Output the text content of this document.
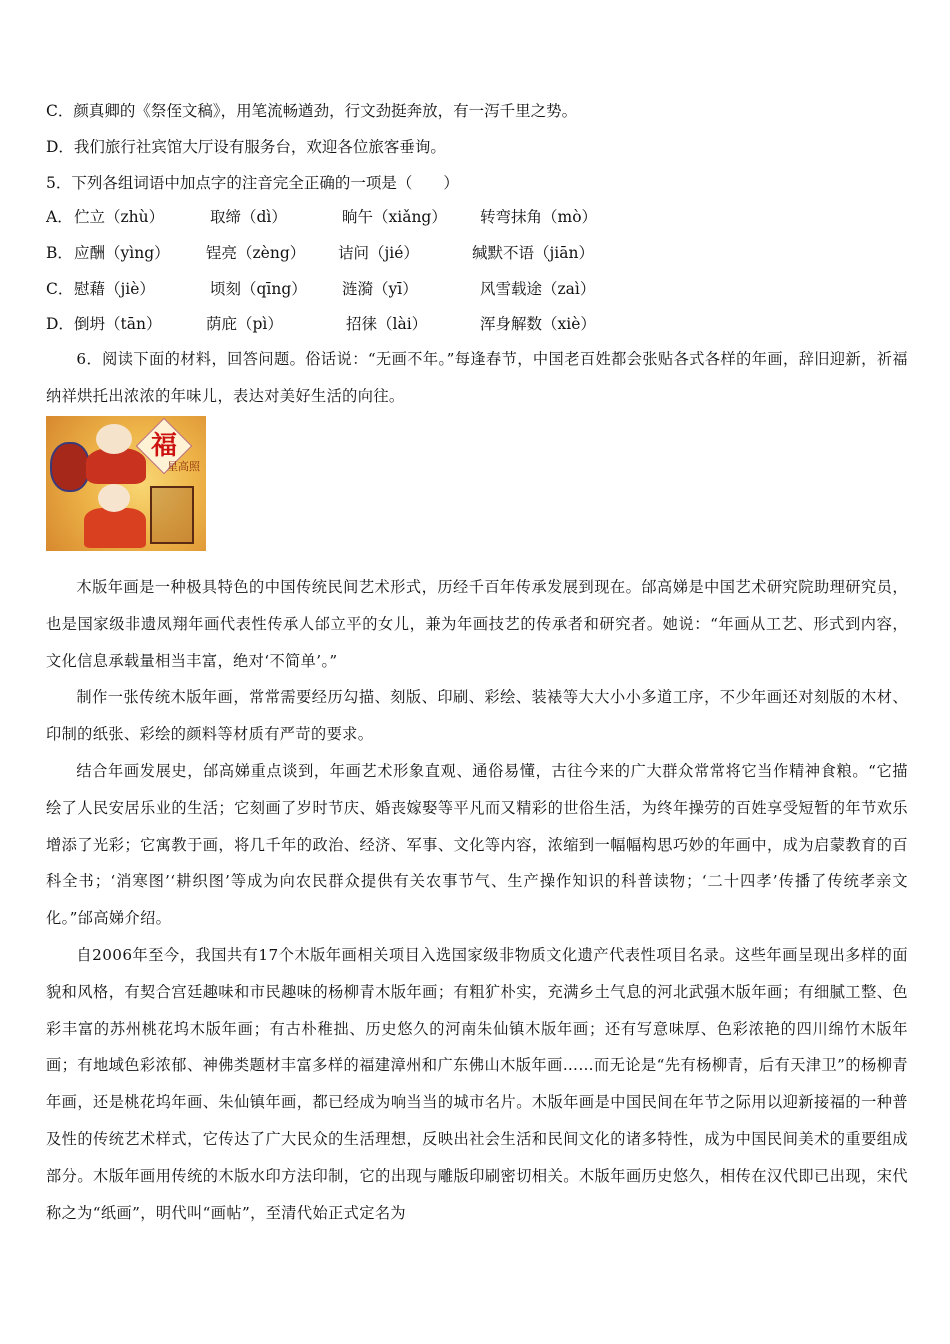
C．颜真卿的《祭侄文稿》，用笔流畅遒劲，行文劲挺奔放，有一泻千里之势。
D．我们旅行社宾馆大厅设有服务台，欢迎各位旅客垂询。
5．下列各组词语中加点字的注音完全正确的一项是（　　）
A． 伫立（zhù）	取缔（dì）	晌午（xiǎng） 转弯抹角（mò）
B． 应酬（yìng） 锃亮（zèng） 诘问（jié）	缄默不语（jiān）
C． 慰藉（jiè）	顷刻（qīng） 涟漪（yī）	风雪载途（zaì）
D． 倒坍（tān）	荫庇（pì）	招徕（lài）	浑身解数（xiè）

6．阅读下面的材料，回答问题。俗话说：“无画不年。”每逢春节，中国老百姓都会张贴各式各样的年画，辞旧迎新，祈福纳祥烘托出浓浓的年味儿，表达对美好生活的向往。

福
星高照

木版年画是一种极具特色的中国传统民间艺术形式，历经千百年传承发展到现在。邰高娣是中国艺术研究院助理研究员，也是国家级非遗凤翔年画代表性传承人邰立平的女儿，兼为年画技艺的传承者和研究者。她说：“年画从工艺、形式到内容，文化信息承载量相当丰富，绝对‘不简单’。”

制作一张传统木版年画，常常需要经历勾描、刻版、印刷、彩绘、装裱等大大小小多道工序，不少年画还对刻版的木材、印制的纸张、彩绘的颜料等材质有严苛的要求。

结合年画发展史，邰高娣重点谈到，年画艺术形象直观、通俗易懂，古往今来的广大群众常常将它当作精神食粮。“它描绘了人民安居乐业的生活；它刻画了岁时节庆、婚丧嫁娶等平凡而又精彩的世俗生活，为终年操劳的百姓享受短暂的年节欢乐增添了光彩；它寓教于画，将几千年的政治、经济、军事、文化等内容，浓缩到一幅幅构思巧妙的年画中，成为启蒙教育的百科全书；‘消寒图’‘耕织图’等成为向农民群众提供有关农事节气、生产操作知识的科普读物；‘二十四孝’传播了传统孝亲文化。”邰高娣介绍。

自2006年至今，我国共有17个木版年画相关项目入选国家级非物质文化遗产代表性项目名录。这些年画呈现出多样的面貌和风格，有契合宫廷趣味和市民趣味的杨柳青木版年画；有粗犷朴实，充满乡土气息的河北武强木版年画；有细腻工整、色彩丰富的苏州桃花坞木版年画；有古朴稚拙、历史悠久的河南朱仙镇木版年画；还有写意味厚、色彩浓艳的四川绵竹木版年画；有地域色彩浓郁、神佛类题材丰富多样的福建漳州和广东佛山木版年画……而无论是“先有杨柳青，后有天津卫”的杨柳青年画，还是桃花坞年画、朱仙镇年画，都已经成为响当当的城市名片。木版年画是中国民间在年节之际用以迎新接福的一种普及性的传统艺术样式，它传达了广大民众的生活理想，反映出社会生活和民间文化的诸多特性，成为中国民间美术的重要组成部分。木版年画用传统的木版水印方法印制，它的出现与雕版印刷密切相关。木版年画历史悠久，相传在汉代即已出现，宋代称之为“纸画”，明代叫“画帖”，至清代始正式定名为
